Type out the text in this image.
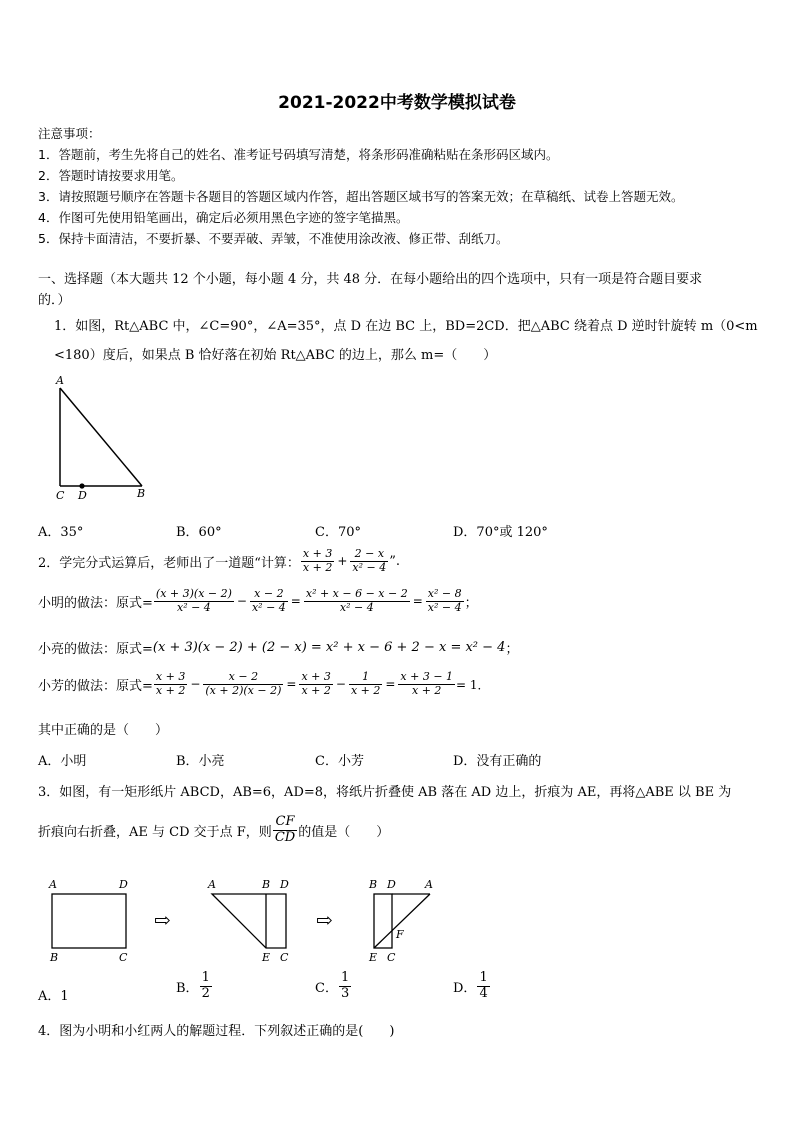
2021-2022中考数学模拟试卷
注意事项：
1．答题前，考生先将自己的姓名、准考证号码填写清楚，将条形码准确粘贴在条形码区域内。
2．答题时请按要求用笔。
3．请按照题号顺序在答题卡各题目的答题区域内作答，超出答题区域书写的答案无效；在草稿纸、试卷上答题无效。
4．作图可先使用铅笔画出，确定后必须用黑色字迹的签字笔描黑。
5．保持卡面清洁，不要折暴、不要弄破、弄皱，不准使用涂改液、修正带、刮纸刀。
一、选择题（本大题共 12 个小题，每小题 4 分，共 48 分．在每小题给出的四个选项中，只有一项是符合题目要求
的．）
1．如图，Rt△ABC 中，∠C=90°，∠A=35°，点 D 在边 BC 上，BD=2CD．把△ABC 绕着点 D 逆时针旋转 m（0<m
<180）度后，如果点 B 恰好落在初始 Rt△ABC 的边上，那么 m=（　　）
A
C D	B
A．35°	B．60°	C．70°	D．70°或 120°
2．学完分式运算后，老师出了一道题“计算： $\frac{x + 3}{x + 2} + \frac{2 - x}{\text{x² − 4}}$ ”.
小明的做法：原式= $\frac{(x + 3)(x - 2)}{\text{x² − 4}} - \frac{x - 2}{\text{x² − 4}} = \frac{\text{x² + x − 6 − x − 2}}{\text{x² − 4}} = \frac{\text{x² − 8}}{\text{x² − 4}}$ ；
小亮的做法：原式= (x + 3)(x − 2) + (2 − x) = x² + x − 6 + 2 − x = x² − 4 ；
小芳的做法：原式= $\frac{x + 3}{x + 2} - \frac{x - 2}{(x + 2)(x - 2)} = \frac{x + 3}{x + 2} - \frac{1}{x + 2} = \frac{x + 3 - 1}{x + 2} = 1$．
其中正确的是（　　）
A．小明	B．小亮	C．小芳	D．没有正确的
3．如图，有一矩形纸片 ABCD，AB=6，AD=8，将纸片折叠使 AB 落在 AD 边上，折痕为 AE，再将△ABE 以 BE 为
折痕向右折叠，AE 与 CD 交于点 F，则 $\frac{CF}{CD}$ 的值是（　　）
A	D
B	C
⇨
A	B D
E C
⇨
B D	A
F
E C
A．1
B． $\frac{1}{2}$	C． $\frac{1}{3}$	D． $\frac{1}{4}$
4．图为小明和小红两人的解题过程．下列叙述正确的是(　　)
